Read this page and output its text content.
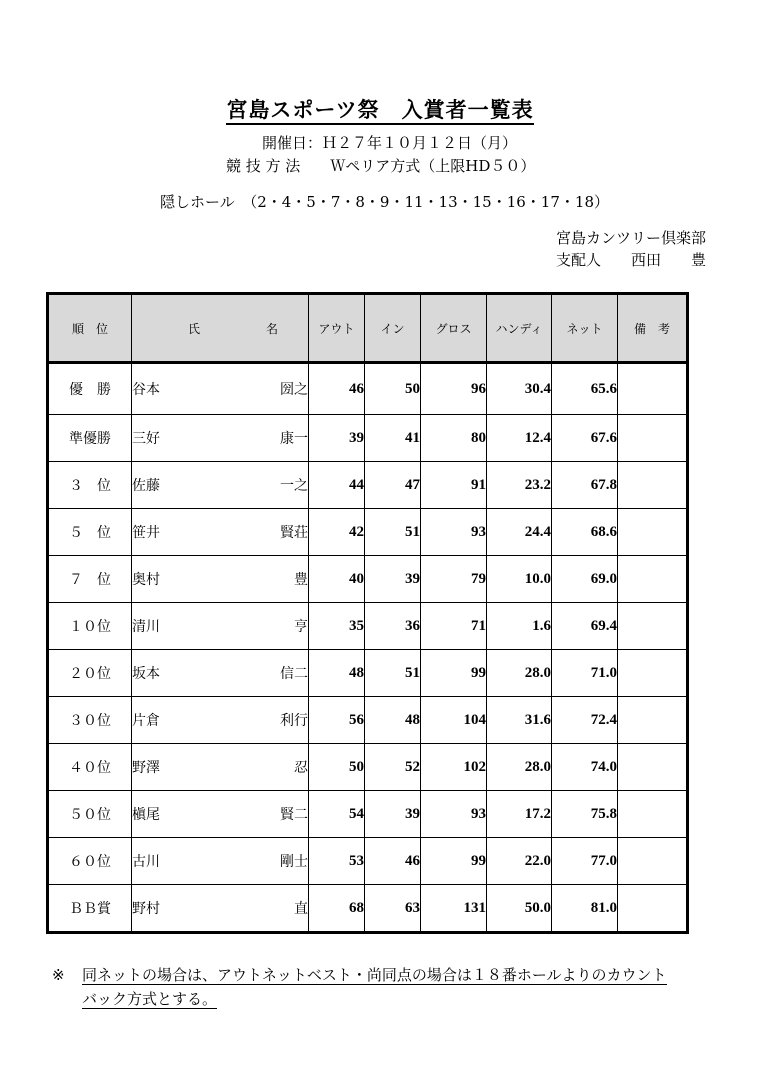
宮島スポーツ祭　入賞者一覧表
開催日：Ｈ２７年１０月１２日（月）
競 技 方 法　　Ｗペリア方式（上限HD５０）
隠しホール　（2・4・5・7・8・9・11・13・15・16・17・18）
宮島カンツリー倶楽部
支配人　　西田　　豊
順　位	氏 名	アウト	イン	グロス	ハンディ	ネット	備　考
優　勝	谷本 圀之	46	50	96	30.4	65.6	
準優勝	三好 康一	39	41	80	12.4	67.6	
３　位	佐藤 一之	44	47	91	23.2	67.8	
５　位	笹井 賢荘	42	51	93	24.4	68.6	
７　位	奥村 豊	40	39	79	10.0	69.0	
１０位	清川 亨	35	36	71	1.6	69.4	
２０位	坂本 信二	48	51	99	28.0	71.0	
３０位	片倉 利行	56	48	104	31.6	72.4	
４０位	野澤 忍	50	52	102	28.0	74.0	
５０位	槇尾 賢二	54	39	93	17.2	75.8	
６０位	古川 剛士	53	46	99	22.0	77.0	
ＢＢ賞	野村 直	68	63	131	50.0	81.0	
※ 同ネットの場合は、アウトネットベスト・尚同点の場合は１８番ホールよりのカウント
バック方式とする。
